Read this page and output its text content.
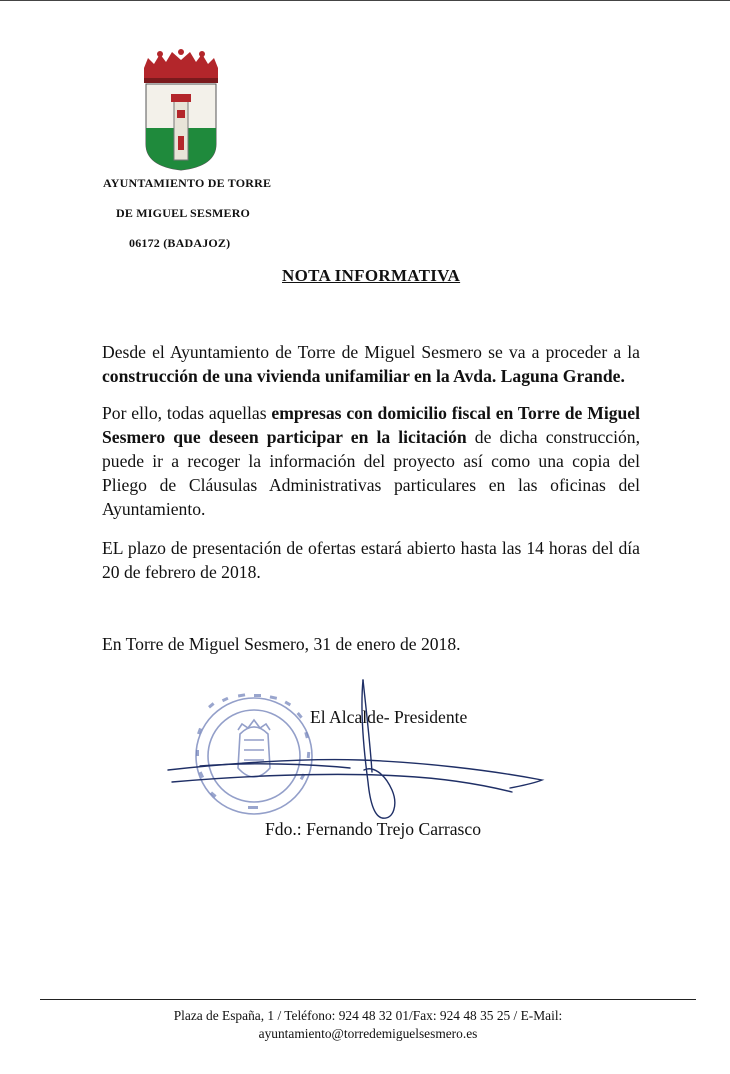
AYUNTAMIENTO DE TORRE
DE MIGUEL SESMERO
06172 (BADAJOZ)
NOTA INFORMATIVA

Desde el Ayuntamiento de Torre de Miguel Sesmero se va a proceder a la construcción de una vivienda unifamiliar en la Avda. Laguna Grande.

Por ello, todas aquellas empresas con domicilio fiscal en Torre de Miguel Sesmero que deseen participar en la licitación de dicha construcción, puede ir a recoger la información del proyecto así como una copia del Pliego de Cláusulas Administrativas particulares en las oficinas del Ayuntamiento.

EL plazo de presentación de ofertas estará abierto hasta las 14 horas del día 20 de febrero de 2018.

En Torre de Miguel Sesmero, 31 de enero de 2018.
El Alcalde- Presidente
Fdo.: Fernando Trejo Carrasco
Plaza de España, 1 / Teléfono: 924 48 32 01/Fax: 924 48 35 25 / E-Mail:
ayuntamiento@torredemiguelsesmero.es
